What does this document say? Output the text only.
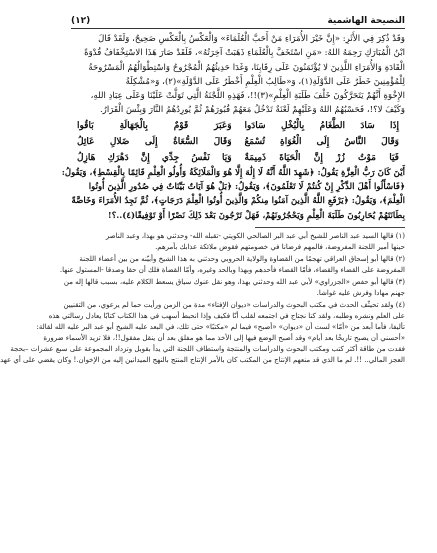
النصيحة الهاشمية
(١٢)
وَقَدْ ذُكِرَ فِي الأَثَرِ: «إِنَّ خَيْرَ الأُمَرَاءِ مَنْ أَحَبَّ الْعُلَمَاءَ» وَالْعَكْسُ بِالْعَكْسِ صَحِيحٌ، وَلَقَدْ قَالَ
ابْنُ الْمُبَارَكِ رَحِمَهُ اللهُ: «مَنِ اسْتَخَفَّ بِالْعُلَمَاءِ ذَهَبَتْ آخِرَتُهُ»، فَلَقَدْ صَارَ هَذَا الاسْتِخْفَافُ قُدْوَةً
الْقَادَةِ وَالأُمَرَاءِ اللَّذِينَ لا يُؤْتَمَنُونَ عَلَى رِقَابِنَا، وَغَدَا حَدِيثُهُمُ الْمُجْرُوحُ وَاسْتِطْوَالُهُمُ الْمَسْرُوحَةُ
لِلْمُؤْمِنِينَ خَطَرٌ عَلَى الدَّوْلَةِ(١)، وَ«طَالِبُ الْعِلْمِ أَخْطَرُ عَلَى الدَّوْلَةِ»(٢)، وَ«مُشْكِلَةُ
الإِخْوَةِ أَنَّهُمْ يَتَحَرَّكُونَ خَلْفَ طَلَبَةِ الْعِلْمِ»(٣)!!، فَهَذِهِ اللَّجْنَةُ الَّتِي تَوَلَّتْ عَلَيْنَا وَعَلَى عِبَادِ اللهِ،
وَكَيْفَ لا؟!، فَحَسْبُهُمُ اللهُ وَعَلَيْهِمْ لَعْنَةٌ تَدْخُلُ مَعَهُمْ قُبُورَهُمْ ثُمَّ يُورِدُهُمُ النَّارَ وَبِئْسَ الْقَرَارُ.
إِذَا سَادَ الطَّغَامُ بِالْبُخْلِ سَادَوا
وَعَبَرَ قَوْمٌ بِالْجَهَالَةِ بَاقُوا
وَقَالَ النَّاسُ إِلَى الْغُوَاةِ تُسْمَعُ
وَقَالَ السُّعَاةُ إِلَى ضَلالِ عَائِلُ
فَيَا مَوْتُ زُرْ إِنَّ الْحَيَاةَ ذَمِيمَةٌ
وَيَا نَفْسُ جِدِّي إِنَّ دَهْرَكِ هَازِلُ
أَيْنَ كَانَ رَبُّ الْعِزَّةِ يَقُولُ: ﴿شَهِدَ اللَّهُ أَنَّهُ لَا إِلَٰهَ إِلَّا هُوَ وَالْمَلَائِكَةُ وَأُولُو الْعِلْمِ قَائِمًا بِالْقِسْطِ﴾، وَيَقُولُ:
﴿فَاسْأَلُوا أَهْلَ الذِّكْرِ إِنْ كُنتُمْ لَا تَعْلَمُونَ﴾، وَيَقُولُ: ﴿بَلْ هُوَ آيَاتٌ بَيِّنَاتٌ فِي صُدُورِ الَّذِينَ أُوتُوا
الْعِلْمَ﴾، وَيَقُولُ: ﴿يَرْفَعِ اللَّهُ الَّذِينَ آمَنُوا مِنكُمْ وَالَّذِينَ أُوتُوا الْعِلْمَ دَرَجَاتٍ﴾، ثُمَّ نَجِدُ الأُمَرَاءَ وَخَاصَّةً
بِطَانَتَهُمْ يُحَارِبُونَ طَلَبَةَ الْعِلْمِ وَيَحْجُرُونَهُمْ، فَهَلْ تَرْجُونَ بَعْدَ ذَلِكَ نَصْرًا أَوْ تَوْفِيقًا(٤)..؟!
(١) قالها السيد عبد الناصر للشيخ أبي عبد البر الصالحي الكويتي -تقبله الله- وحدثني هو بهذا، وعبد الناصر
حينها أمير اللجنة المفروضة، فالمهم فرضانا في خصومتهم فقوض ملائكة عذابك بأمرهم.
(٢) قالها أبو إسحاق العراقي تهجمًا من القضاوة والولاية الحروبي وحدثني به هذا الشيخ وأبيّنه من بين أعضاء اللجنة
المفروضة على القضاء والقضاء، فأمّا القضاء فأحدهم وبهذا وبالحد وغيره، وأمّا القضاة فلك أن حقا وصدقا -المستول عنها.
(٣) قالها أبو حفص «الجزراوي» لأبي عبد الله وحدثني بهذا، وهو نقل عنوك سياق يسعط الكلام عليه، بسبب قالها إله من
جهنم مهادا وفرش عليه غواشا.
(٤) ولقد تحيثّف الحدث في مكتب البحوث والدراسات «ديوان الإفتاء» مدة من الزمن ورأيت حما لم يرعوي، من التقنيين
على العلم ونشره وطلبه، ولقد كنا نجتاج في اجتمعه لقلب أنّا فكيف وإذا انحبط أسهب في هذا الكتاب كتابًا يعادل رسالتي هذه
تأليفا، فأما أبعد من «أمّا» لست أن «ديوان» «أصبح» فيما لم «مكتبًا» حتى تلك، في البعد عليه الشيخ أبو عبد البر عليه الله لقالة:
«أحسني أن يصبح تاريخًا بعد أيام» وقد أصبح الوضع فيها إلى الأخذ مما هو مفلق بعد أن ينقل مفقول!!، فلا تزيد الأسماء ضرورة
فقدت من طاقة أكثر كتب ومكتب البحوث والدراسات والمنتجة واستطاف اللجنة التي يدأ بقوبل وتزداد المجموعة على سبع عشرات –بحجة
العجز المالي.. !!. لم ما الذي قد منعهم الإنتاج من المكتب كان بالأمر الإنتاج المنتج بالنهج الميدانين إليه من الإخوان.! وكان يقضي على أي عهد
